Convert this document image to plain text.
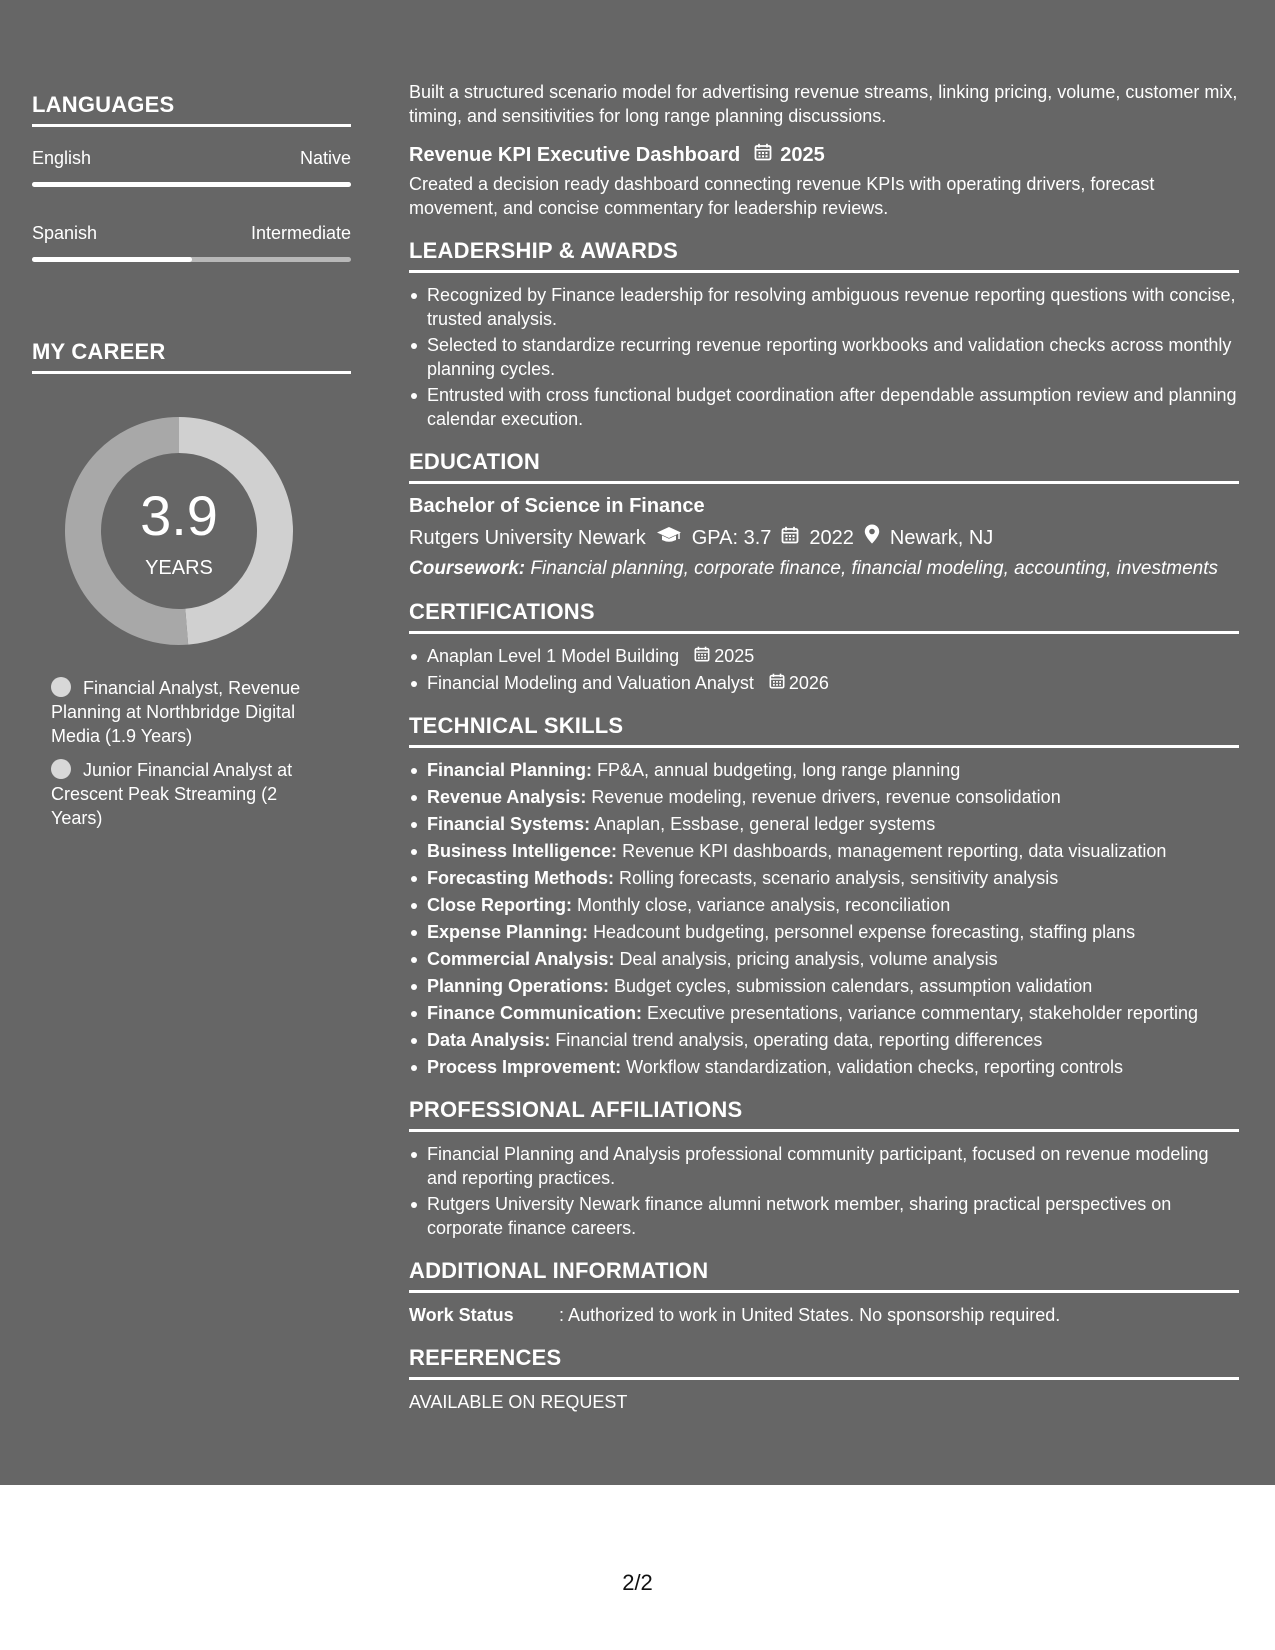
LANGUAGES
English	Native
Spanish	Intermediate
MY CAREER
3.9
YEARS
Financial Analyst, Revenue Planning at Northbridge Digital Media (1.9 Years)
Junior Financial Analyst at Crescent Peak Streaming (2 Years)
Built a structured scenario model for advertising revenue streams, linking pricing, volume, customer mix, timing, and sensitivities for long range planning discussions.
Revenue KPI Executive Dashboard 2025
Created a decision ready dashboard connecting revenue KPIs with operating drivers, forecast movement, and concise commentary for leadership reviews.
LEADERSHIP & AWARDS
Recognized by Finance leadership for resolving ambiguous revenue reporting questions with concise, trusted analysis.
Selected to standardize recurring revenue reporting workbooks and validation checks across monthly planning cycles.
Entrusted with cross functional budget coordination after dependable assumption review and planning calendar execution.
EDUCATION
Bachelor of Science in Finance
Rutgers University Newark GPA: 3.7 2022 Newark, NJ
Coursework: Financial planning, corporate finance, financial modeling, accounting, investments
CERTIFICATIONS
Anaplan Level 1 Model Building 2025
Financial Modeling and Valuation Analyst 2026
TECHNICAL SKILLS
Financial Planning: FP&A, annual budgeting, long range planning
Revenue Analysis: Revenue modeling, revenue drivers, revenue consolidation
Financial Systems: Anaplan, Essbase, general ledger systems
Business Intelligence: Revenue KPI dashboards, management reporting, data visualization
Forecasting Methods: Rolling forecasts, scenario analysis, sensitivity analysis
Close Reporting: Monthly close, variance analysis, reconciliation
Expense Planning: Headcount budgeting, personnel expense forecasting, staffing plans
Commercial Analysis: Deal analysis, pricing analysis, volume analysis
Planning Operations: Budget cycles, submission calendars, assumption validation
Finance Communication: Executive presentations, variance commentary, stakeholder reporting
Data Analysis: Financial trend analysis, operating data, reporting differences
Process Improvement: Workflow standardization, validation checks, reporting controls
PROFESSIONAL AFFILIATIONS
Financial Planning and Analysis professional community participant, focused on revenue modeling and reporting practices.
Rutgers University Newark finance alumni network member, sharing practical perspectives on corporate finance careers.
ADDITIONAL INFORMATION
Work Status	: Authorized to work in United States. No sponsorship required.
REFERENCES
AVAILABLE ON REQUEST
2/2
